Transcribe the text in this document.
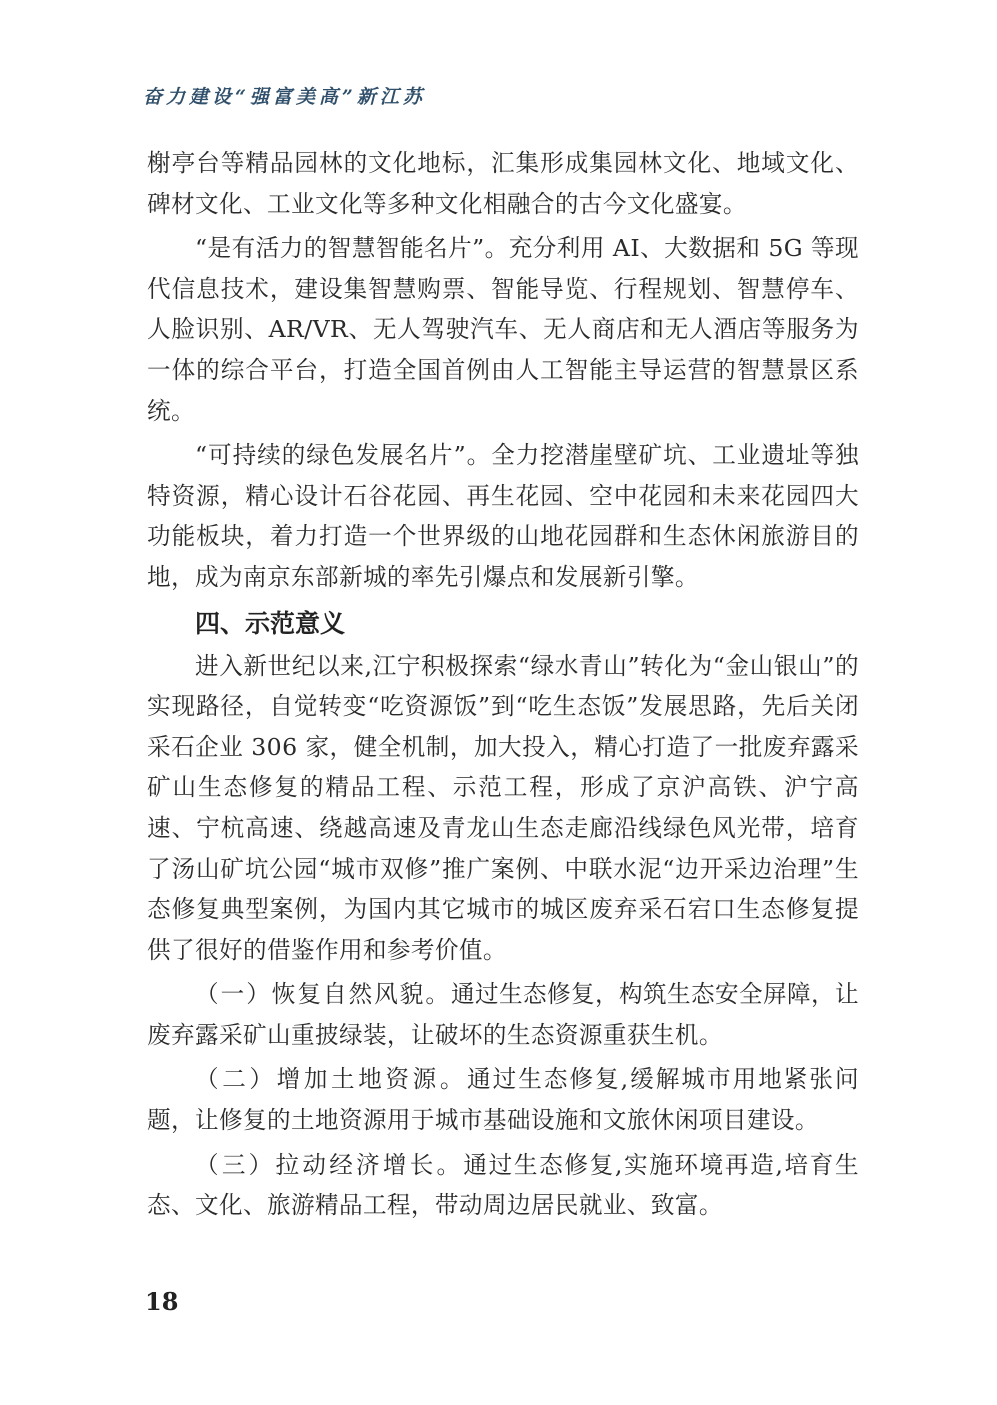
奋力建设“强富美高”新江苏

榭亭台等精品园林的文化地标，汇集形成集园林文化、地域文化、碑材文化、工业文化等多种文化相融合的古今文化盛宴。

“是有活力的智慧智能名片”。充分利用 AI、大数据和 5G 等现代信息技术，建设集智慧购票、智能导览、行程规划、智慧停车、人脸识别、AR/VR、无人驾驶汽车、无人商店和无人酒店等服务为一体的综合平台，打造全国首例由人工智能主导运营的智慧景区系统。

“可持续的绿色发展名片”。全力挖潜崖壁矿坑、工业遗址等独特资源，精心设计石谷花园、再生花园、空中花园和未来花园四大功能板块，着力打造一个世界级的山地花园群和生态休闲旅游目的地，成为南京东部新城的率先引爆点和发展新引擎。

四、示范意义

进入新世纪以来,江宁积极探索“绿水青山”转化为“金山银山”的实现路径，自觉转变“吃资源饭”到“吃生态饭”发展思路，先后关闭采石企业 306 家，健全机制，加大投入，精心打造了一批废弃露采矿山生态修复的精品工程、示范工程，形成了京沪高铁、沪宁高速、宁杭高速、绕越高速及青龙山生态走廊沿线绿色风光带，培育了汤山矿坑公园“城市双修”推广案例、中联水泥“边开采边治理”生态修复典型案例，为国内其它城市的城区废弃采石宕口生态修复提供了很好的借鉴作用和参考价值。

（一）恢复自然风貌。通过生态修复，构筑生态安全屏障，让废弃露采矿山重披绿装，让破坏的生态资源重获生机。

（二）增加土地资源。通过生态修复,缓解城市用地紧张问题，让修复的土地资源用于城市基础设施和文旅休闲项目建设。

（三）拉动经济增长。通过生态修复,实施环境再造,培育生态、文化、旅游精品工程，带动周边居民就业、致富。

18
